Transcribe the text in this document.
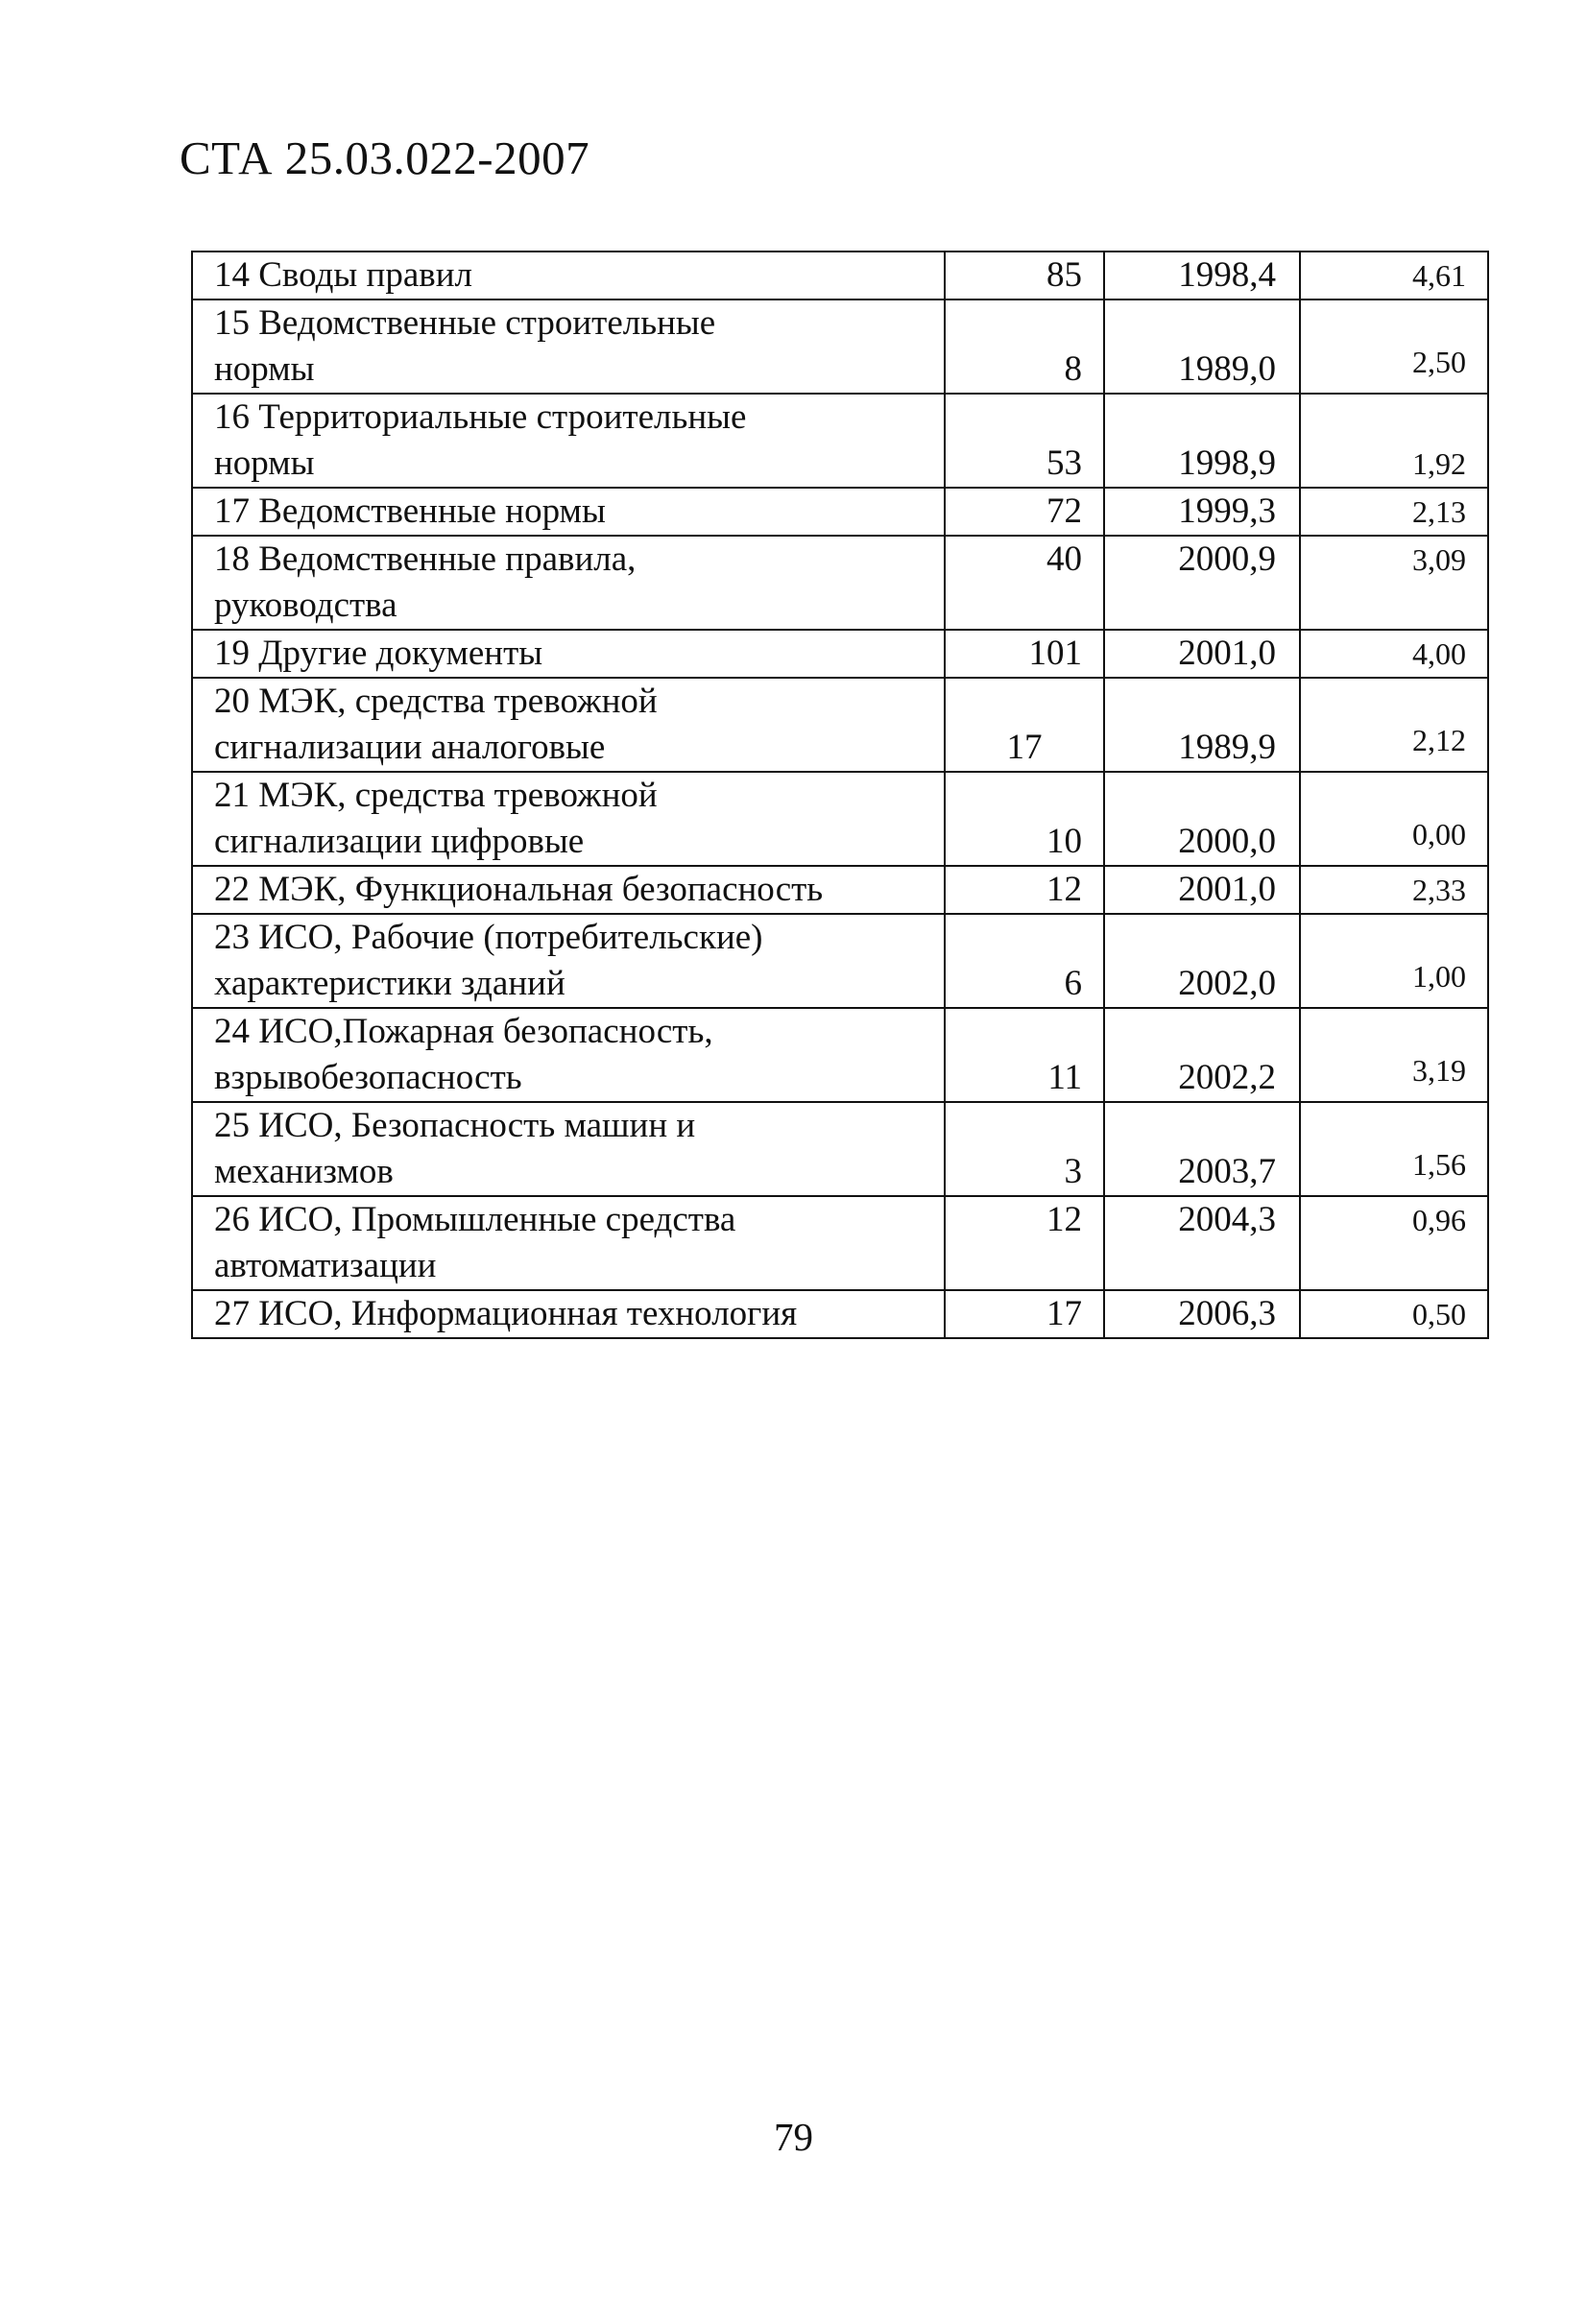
СТА 25.03.022-2007
14 Своды правил	85	1998,4	4,61
15 Ведомственные строительные
нормы	8	1989,0	2,50
16 Территориальные строительные
нормы	53	1998,9	1,92
17 Ведомственные нормы	72	1999,3	2,13
18 Ведомственные правила,
руководства	40	2000,9	3,09
19 Другие документы	101	2001,0	4,00
20 МЭК, средства тревожной
сигнализации аналоговые	17	1989,9	2,12
21 МЭК, средства тревожной
сигнализации цифровые	10	2000,0	0,00
22 МЭК, Функциональная безопасность	12	2001,0	2,33
23 ИСО, Рабочие (потребительские)
характеристики зданий	6	2002,0	1,00
24 ИСО,Пожарная безопасность,
взрывобезопасность	11	2002,2	3,19
25 ИСО, Безопасность машин и
механизмов	3	2003,7	1,56
26 ИСО, Промышленные средства
автоматизации	12	2004,3	0,96
27 ИСО, Информационная технология	17	2006,3	0,50
79
